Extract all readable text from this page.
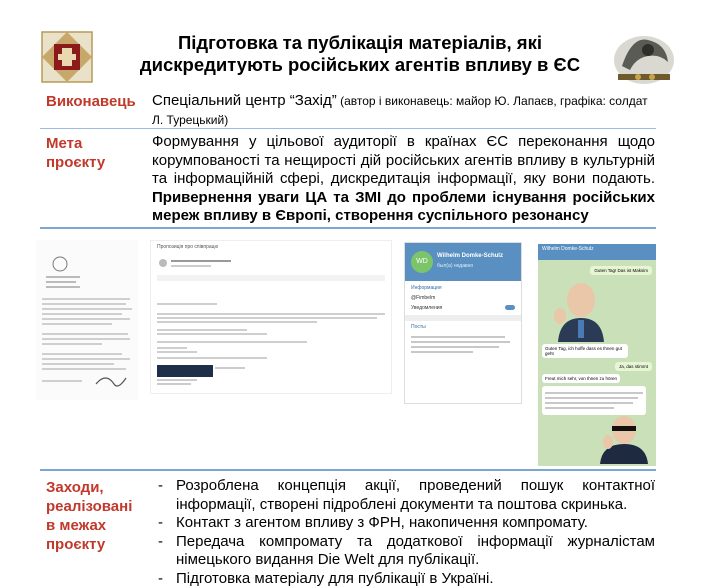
Підготовка та публікація матеріалів, які
дискредитують російських агентів впливу в ЄС
Виконавець Спеціальний центр “Захід” (автор і виконавець: майор Ю. Лапаєв, графіка: солдат Л. Турецький)
Мета
проєкту
Формування у цільової аудиторії в країнах ЄС переконання щодо корумпованості та нещирості дій російських агентів впливу в культурній та інформаційній сфері, дискредитація інформації, яку вони подають. Привернення уваги ЦА та ЗМІ до проблеми існування російських мереж впливу в Європі, створення суспільного резонансу
Пропозиція про співпрацю
WD
Wilhelm Domke-Schulz
был(а) недавно
Информация
@Fimbelm
Уведомления
Посты
Wilhelm Domke-Schulz
Guten Tag! Das ist Maksim
Guten Tag, ich hoffe dass es Ihnen gut geht
Ja, das stimmt
Freut mich sehr, von Ihnen zu hören
Заходи,
реалізовані
в межах
проєкту
- Розроблена концепція акції, проведений пошук контактної інформації, створені підроблені документи та поштова скринька.
- Контакт з агентом впливу з ФРН, накопичення компромату.
- Передача компромату та додаткової інформації журналістам німецького видання Die Welt для публікації.
- Підготовка матеріалу для публікації в Україні.
